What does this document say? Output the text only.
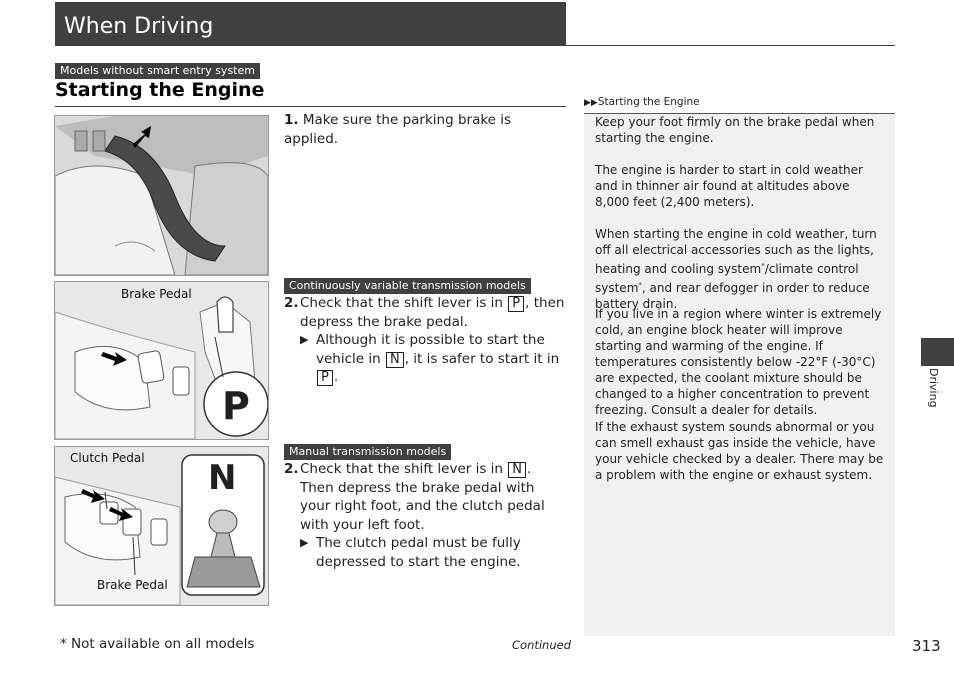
When Driving
Models without smart entry system
Starting the Engine
1. Make sure the parking brake is applied.
Continuously variable transmission models
Brake Pedal
P
2. Check that the shift lever is in P , then depress the brake pedal.
▶ Although it is possible to start the vehicle in N , it is safer to start it in P .
Manual transmission models
Clutch Pedal
Brake Pedal
N	2. Check that the shift lever is in N . Then depress the brake pedal with your right foot, and the clutch pedal with your left foot.
▶ The clutch pedal must be fully depressed to start the engine.
▶▶Starting the Engine
Keep your foot firmly on the brake pedal when starting the engine.
The engine is harder to start in cold weather and in thinner air found at altitudes above 8,000 feet (2,400 meters).
When starting the engine in cold weather, turn off all electrical accessories such as the lights, heating and cooling system*/climate control system*, and rear defogger in order to reduce battery drain.
If you live in a region where winter is extremely cold, an engine block heater will improve starting and warming of the engine. If temperatures consistently below -22°F (-30°C) are expected, the coolant mixture should be changed to a higher concentration to prevent freezing. Consult a dealer for details.
If the exhaust system sounds abnormal or you can smell exhaust gas inside the vehicle, have your vehicle checked by a dealer. There may be a problem with the engine or exhaust system.
Driving
* Not available on all models	Continued	313
